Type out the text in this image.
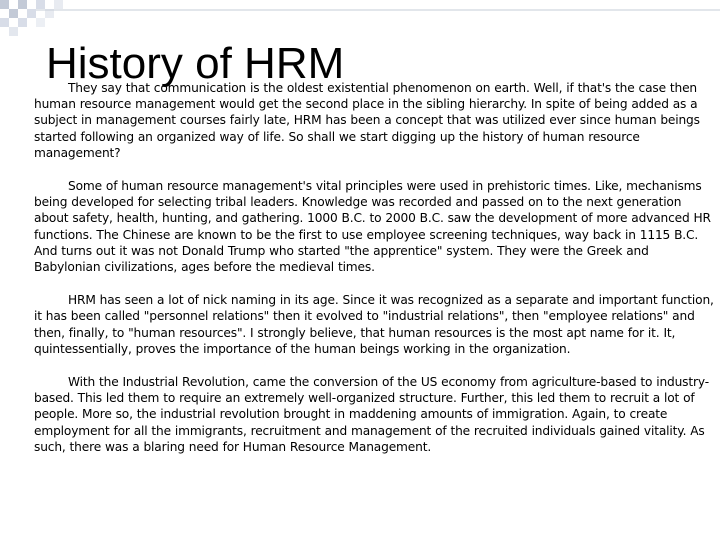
History of HRM

They say that communication is the oldest existential phenomenon on earth. Well, if that's the case then human resource management would get the second place in the sibling hierarchy. In spite of being added as a subject in management courses fairly late, HRM has been a concept that was utilized ever since human beings started following an organized way of life. So shall we start digging up the history of human resource management?

Some of human resource management's vital principles were used in prehistoric times. Like, mechanisms being developed for selecting tribal leaders. Knowledge was recorded and passed on to the next generation about safety, health, hunting, and gathering. 1000 B.C. to 2000 B.C. saw the development of more advanced HR functions. The Chinese are known to be the first to use employee screening techniques, way back in 1115 B.C. And turns out it was not Donald Trump who started "the apprentice" system. They were the Greek and Babylonian civilizations, ages before the medieval times.

HRM has seen a lot of nick naming in its age. Since it was recognized as a separate and important function, it has been called "personnel relations" then it evolved to "industrial relations", then "employee relations" and then, finally, to "human resources". I strongly believe, that human resources is the most apt name for it. It, quintessentially, proves the importance of the human beings working in the organization.

With the Industrial Revolution, came the conversion of the US economy from agriculture-based to industry-based. This led them to require an extremely well-organized structure. Further, this led them to recruit a lot of people. More so, the industrial revolution brought in maddening amounts of immigration. Again, to create employment for all the immigrants, recruitment and management of the recruited individuals gained vitality. As such, there was a blaring need for Human Resource Management.
